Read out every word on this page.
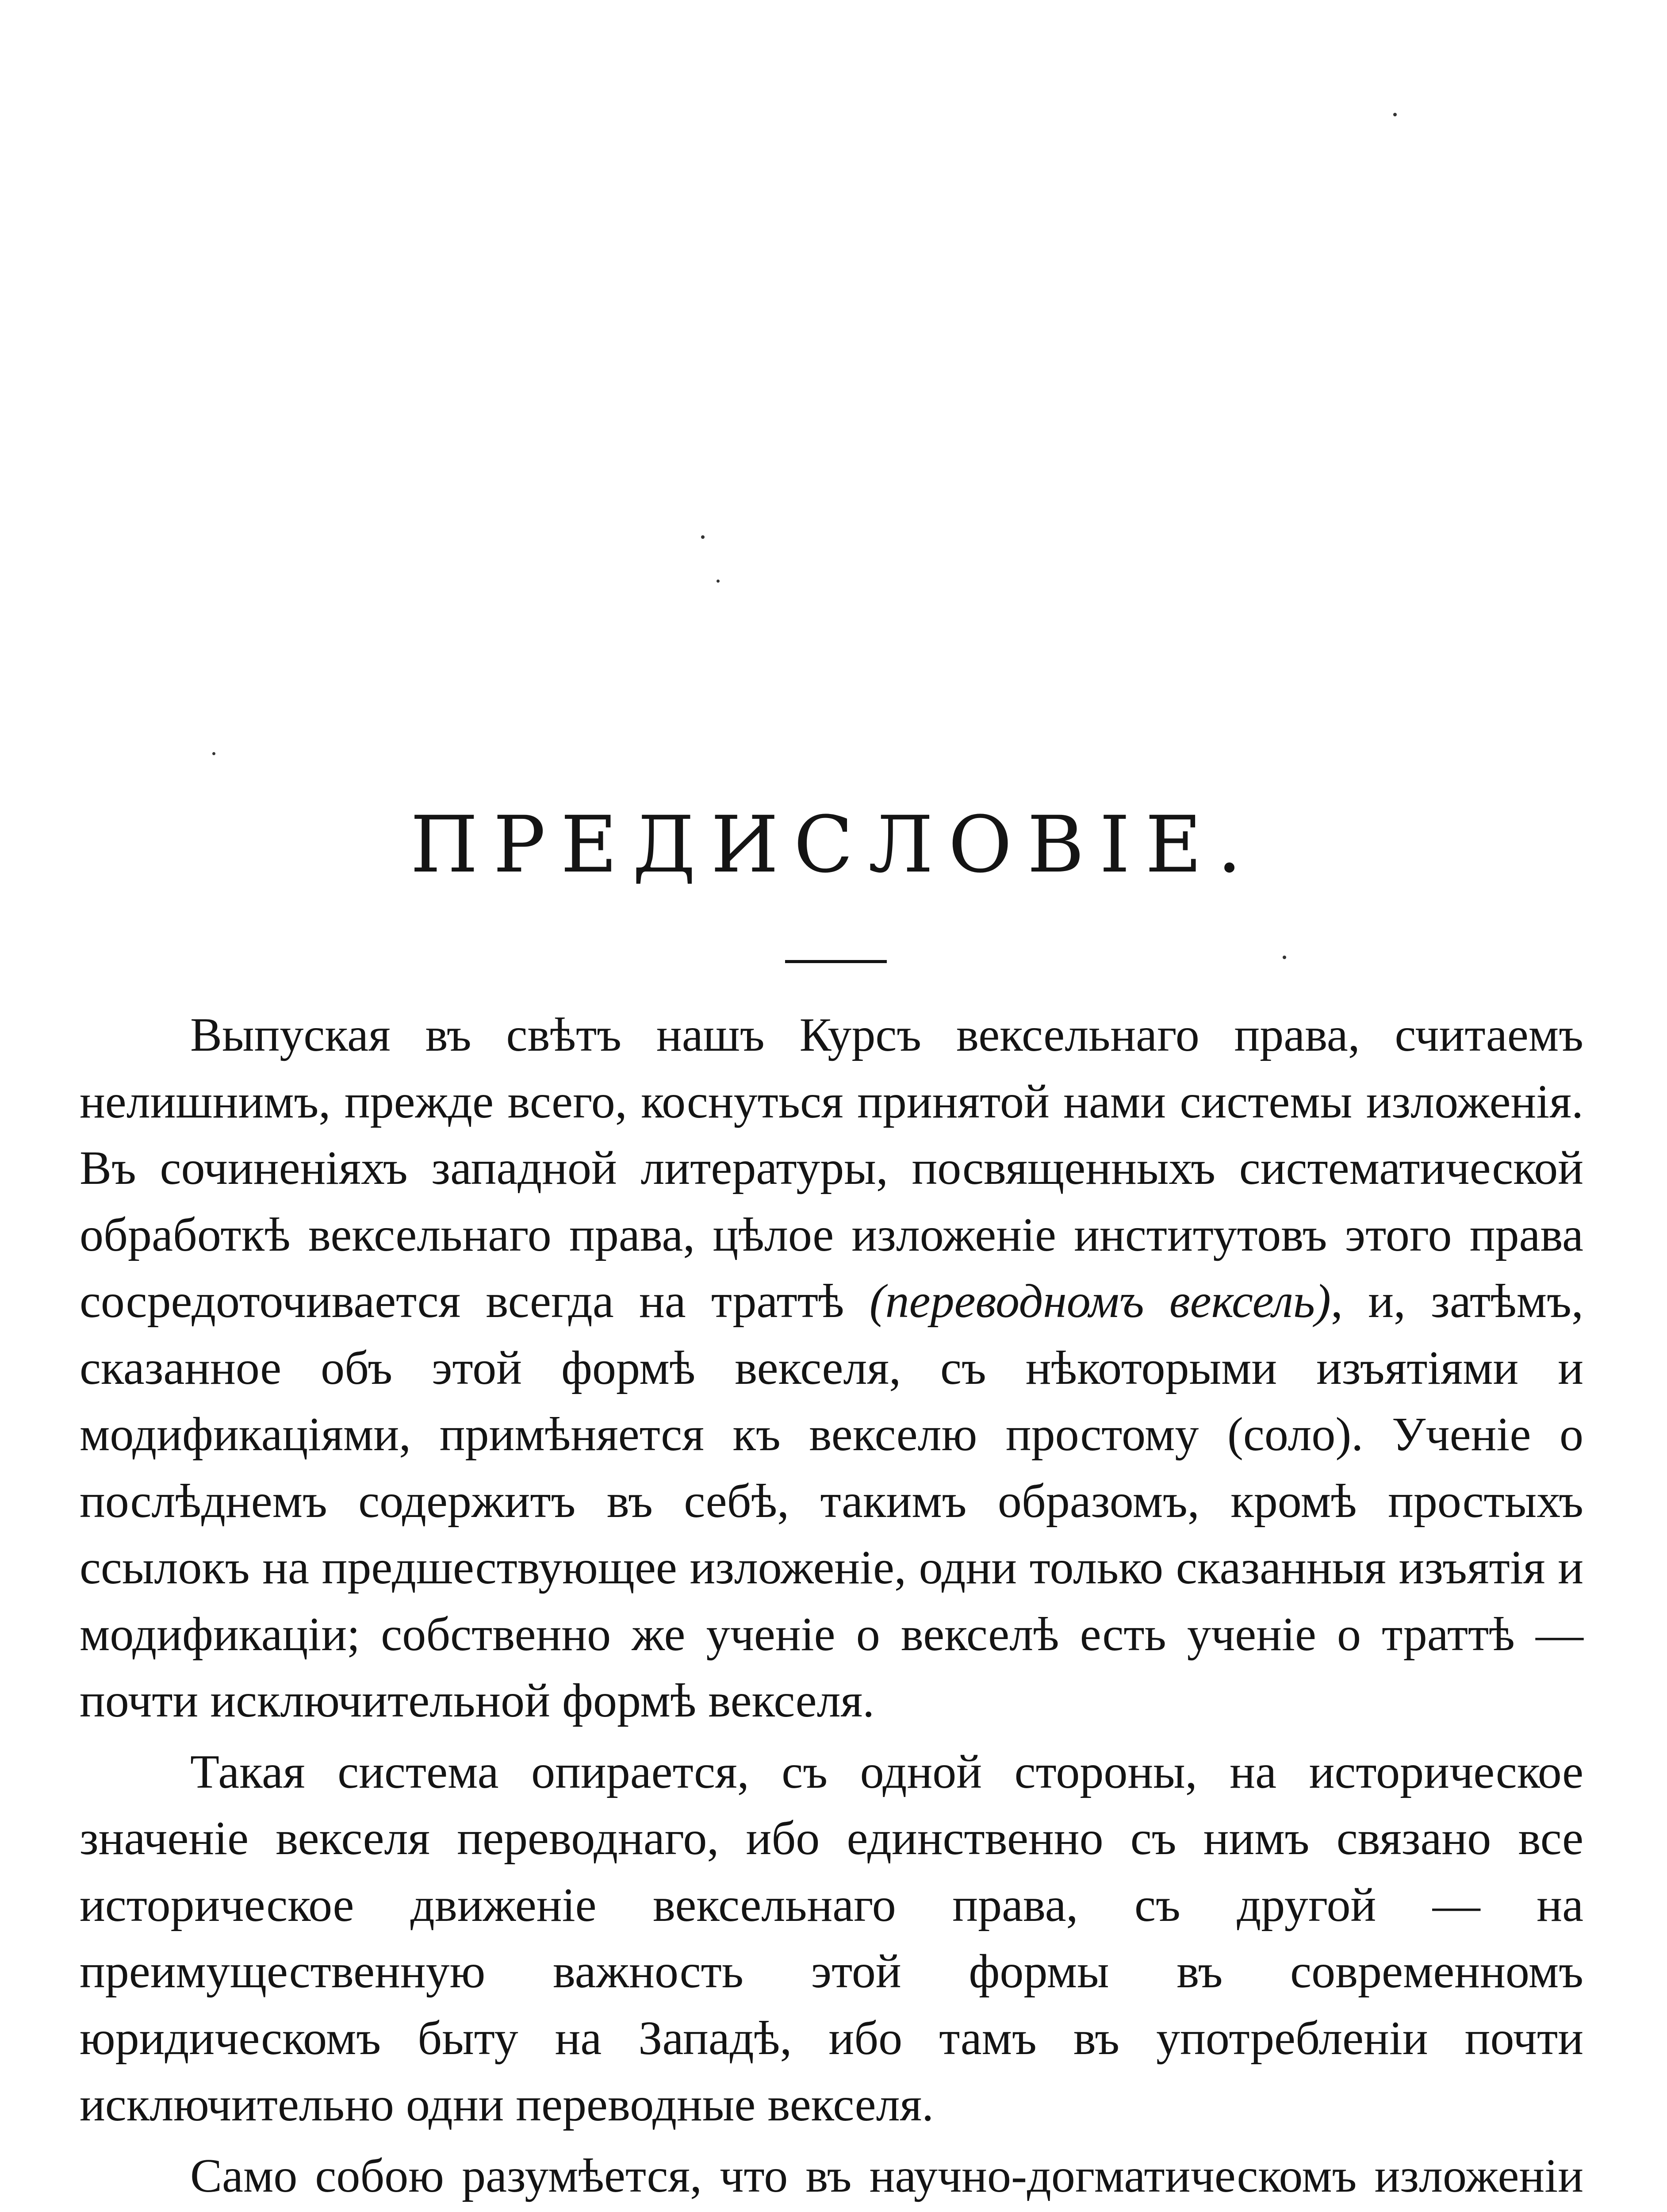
ПРЕДИСЛОВIЕ.

Выпуская въ свѣтъ нашъ Курсъ вексельнаго права, считаемъ нелишнимъ, прежде всего, коснуться принятой нами системы изложенія. Въ сочиненіяхъ западной литературы, посвященныхъ систематической обработкѣ вексельнаго права, цѣлое изложеніе институтовъ этого права сосредоточивается всегда на траттѣ (переводномъ вексель), и, затѣмъ, сказанное объ этой формѣ векселя, съ нѣкоторыми изъятіями и модификаціями, примѣняется къ векселю простому (соло). Ученіе о послѣднемъ содержитъ въ себѣ, такимъ образомъ, кромѣ простыхъ ссылокъ на предшествующее изложеніе, одни только сказанныя изъятія и модификаціи; собственно же ученіе о векселѣ есть ученіе о траттѣ — почти исключительной формѣ векселя.

Такая система опирается, съ одной стороны, на историческое значеніе векселя переводнаго, ибо единственно съ нимъ связано все историческое движеніе вексельнаго права, съ другой — на преимущественную важность этой формы въ современномъ юридическомъ быту на Западѣ, ибо тамъ въ употребленіи почти исключительно одни переводные векселя.

Само собою разумѣется, что въ научно-догматическомъ изложеніи
